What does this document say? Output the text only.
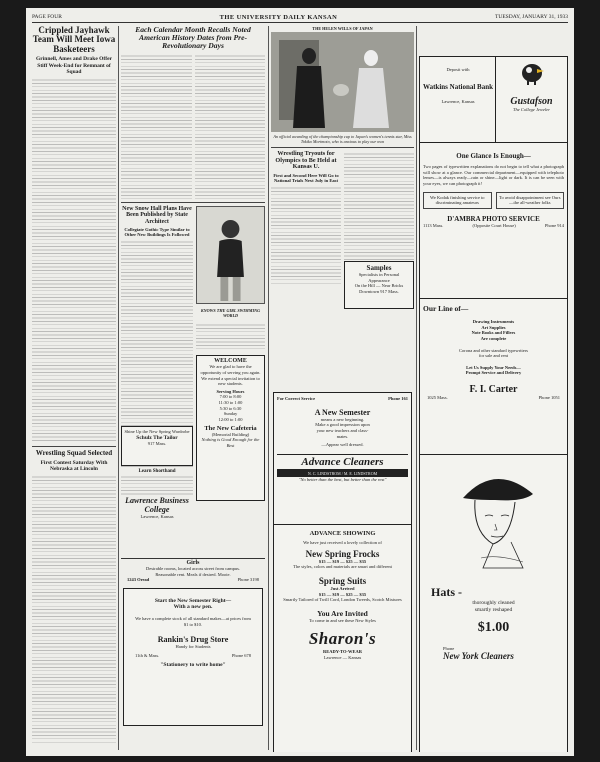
PAGE FOUR	THE UNIVERSITY DAILY KANSAN	TUESDAY, JANUARY 31, 1933
Crippled Jayhawk Team Will Meet Iowa Basketeers

Grinnell, Ames and Drake Offer Stiff Week-End for Remnant of Squad

Wrestling Squad Selected

First Contest Saturday With Nebraska at Lincoln

Each Calendar Month Recalls Noted American History Dates from Pre-Revolutionary Days
New Snow Hall Plans Have Been Published by State Architect

Collegiate Gothic Type Similar to Other New Buildings Is Followed

KNOWS THE GIRL SWIMMING WORLD

WELCOME
We are glad to have the opportunity of serving you again. We extend a special invitation to new students.
Serving Hours
7:00 to 8:00
11:30 to 1:00
5:30 to 6:30
Sunday
12:00 to 1:00
The New Cafeteria
(Memorial Building)
Nothing is Good Enough for the Best
Shine Up the New Spring Wardrobe
Schulz The Tailor
917 Mass.
Learn Shorthand
Lawrence Business College
Lawrence, Kansas
Girls
Desirable rooms, located across street from campus.
Reasonable rent. Meals if desired. Mooie.
1243 Oread	Phone 3198
Start the New Semester Right—
With a new pen.
We have a complete stock of all standard makes—at prices from
$1 to $10.
Rankin's Drug Store
Handy for Students
11th & Mass.	Phone 678
"Stationery to write home"
THE HELEN WILLS OF JAPAN

An official awarding of the championship cup to Japan's women's tennis star, Miss Tokiko Morimoto, who is anxious to play our own

Wrestling Tryouts for Olympics to Be Held at Kansas U.

First and Second Here Will Go to National Trials Next July in East

Samples
Specialists in Personal
Appearance
On the Hill — Near Bricks
Downtown 917 Mass.
For Correct Service	Phone 161
A New Semester
means a new beginning.
Make a good impression upon
your new teachers and class-
mates.
—Appear well dressed.
Advance Cleaners
N. C. LINDSTROM / M. E. LINDSTROM
"No better than the best, but better than the rest"
ADVANCE SHOWING
We have just received a lovely collection of
New Spring Frocks
$15 — $19 — $25 — $35
The styles, colors and materials are smart and different
Spring Suits
Just Arrived
$15 — $19 — $25 — $35
Smartly Tailored of Twill Cord, London Tweeds, Scotch Mixtures
You Are Invited
To come in and see these New Styles
Sharon's
READY-TO-WEAR
Lawrence — Kansas
Deposit with
Watkins National Bank
Lawrence, Kansas	Gustafson
The College Jeweler
One Glance Is Enough—
Two pages of typewritten explanations do not begin to tell what a photograph will show at a glance. Our commercial department—equipped with telephoto lenses—is always ready—rain or shine—light or dark. It is can be seen with your eyes, we can photograph it!
We Kodak finishing service to discriminating amateurs
To avoid disappointment see Ours—the all-weather folks
D'AMBRA PHOTO SERVICE
1113 Mass.	(Opposite Court House)	Phone 914
Our Line of—
Drawing Instruments
Art Supplies
Note Books and Fillers
Are complete
Corona and other standard typewriters
for sale and rent
Let Us Supply Your Needs—
Prompt Service and Delivery
F. I. Carter
1025 Mass.	Phone 1051
Hats -
thoroughly cleaned
smartly reshaped
$1.00
Phone
New York Cleaners
